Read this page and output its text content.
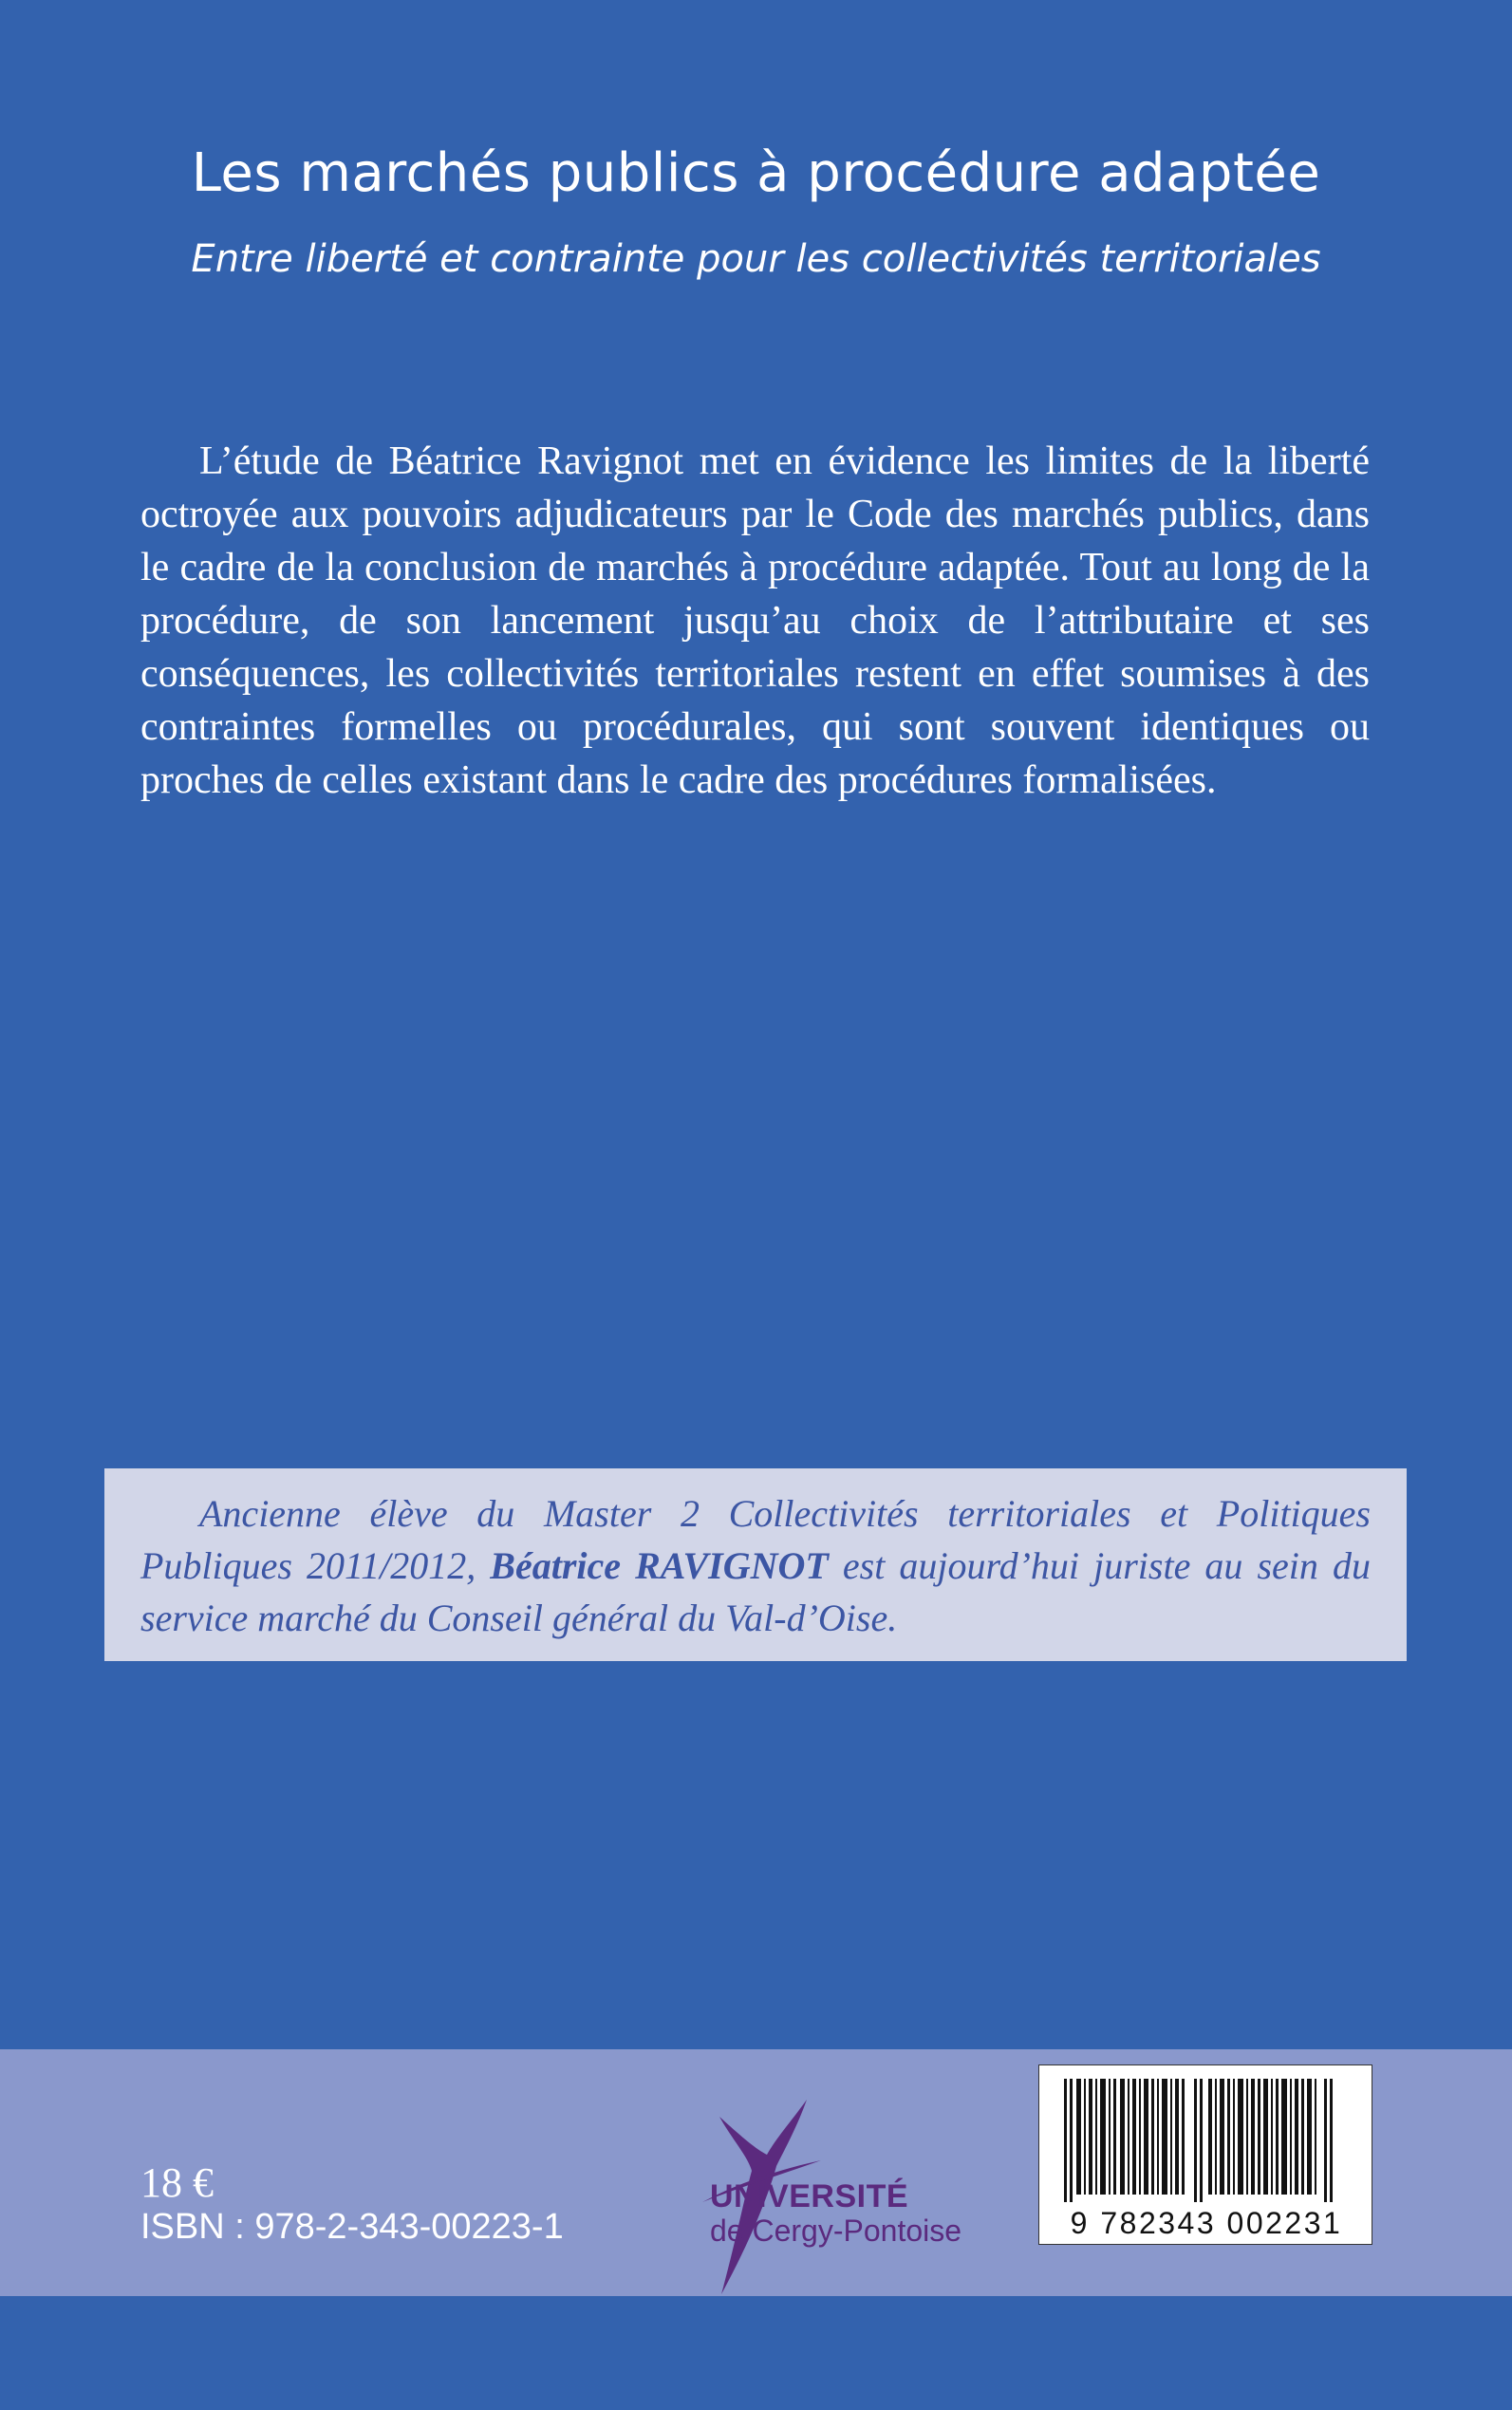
Les marchés publics à procédure adaptée
Entre liberté et contrainte pour les collectivités territoriales

L’étude de Béatrice Ravignot met en évidence les limites de la liberté octroyée aux pouvoirs adjudicateurs par le Code des marchés publics, dans le cadre de la conclusion de marchés à procédure adaptée. Tout au long de la procédure, de son lancement jusqu’au choix de l’attributaire et ses conséquences, les collectivités territoriales restent en effet soumises à des contraintes formelles ou procédurales, qui sont souvent identiques ou proches de celles existant dans le cadre des procédures formalisées.

Ancienne élève du Master 2 Collectivités territoriales et Politiques Publiques 2011/2012, Béatrice RAVIGNOT est aujourd’hui juriste au sein du service marché du Conseil général du Val-d’Oise.

18 €
ISBN : 978-2-343-00223-1
UNIVERSITÉ
de Cergy-Pontoise	9 782343 002231
